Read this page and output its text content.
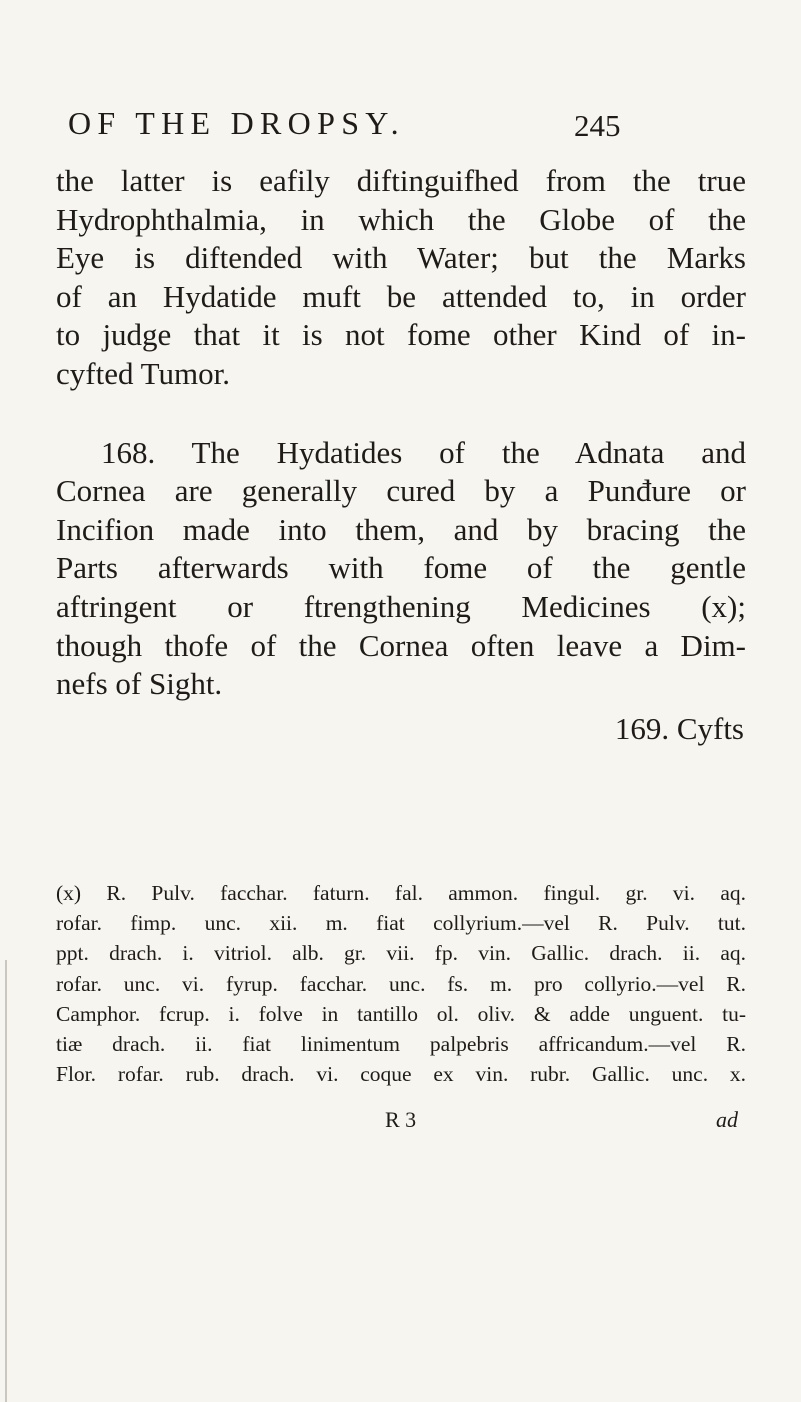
OF THE DROPSY.	245
the latter is eafily diftinguifhed from the true
Hydrophthalmia, in which the Globe of the
Eye is diftended with Water; but the Marks
of an Hydatide muft be attended to, in order
to judge that it is not fome other Kind of in-
cyfted Tumor.
168. The Hydatides of the Adnata and
Cornea are generally cured by a Punđure or
Incifion made into them, and by bracing the
Parts afterwards with fome of the gentle
aftringent or ftrengthening Medicines (x);
though thofe of the Cornea often leave a Dim-
nefs of Sight.
169. Cyfts
(x) R. Pulv. facchar. faturn. fal. ammon. fingul. gr. vi. aq.
rofar. fimp. unc. xii. m. fiat collyrium.—vel R. Pulv. tut.
ppt. drach. i. vitriol. alb. gr. vii. fp. vin. Gallic. drach. ii. aq.
rofar. unc. vi. fyrup. facchar. unc. fs. m. pro collyrio.—vel R.
Camphor. fcrup. i. folve in tantillo ol. oliv. & adde unguent. tu-
tiæ drach. ii. fiat linimentum palpebris affricandum.—vel R.
Flor. rofar. rub. drach. vi. coque ex vin. rubr. Gallic. unc. x.
R 3	ad
